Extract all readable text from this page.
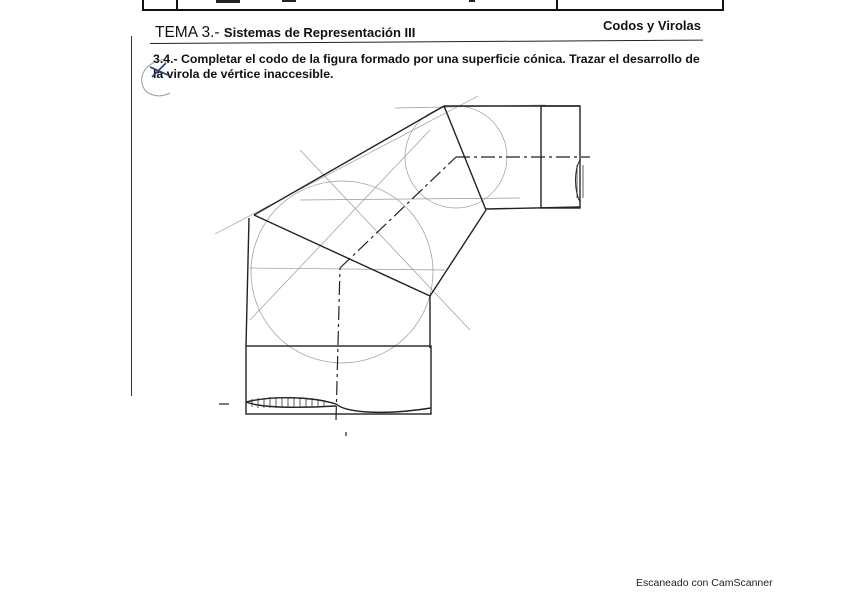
TEMA 3.- Sistemas de Representación III	Codos y Virolas
3.4.- Completar el codo de la figura formado por una superficie cónica. Trazar el desarrollo de la virola de vértice inaccesible.
Escaneado con CamScanner
